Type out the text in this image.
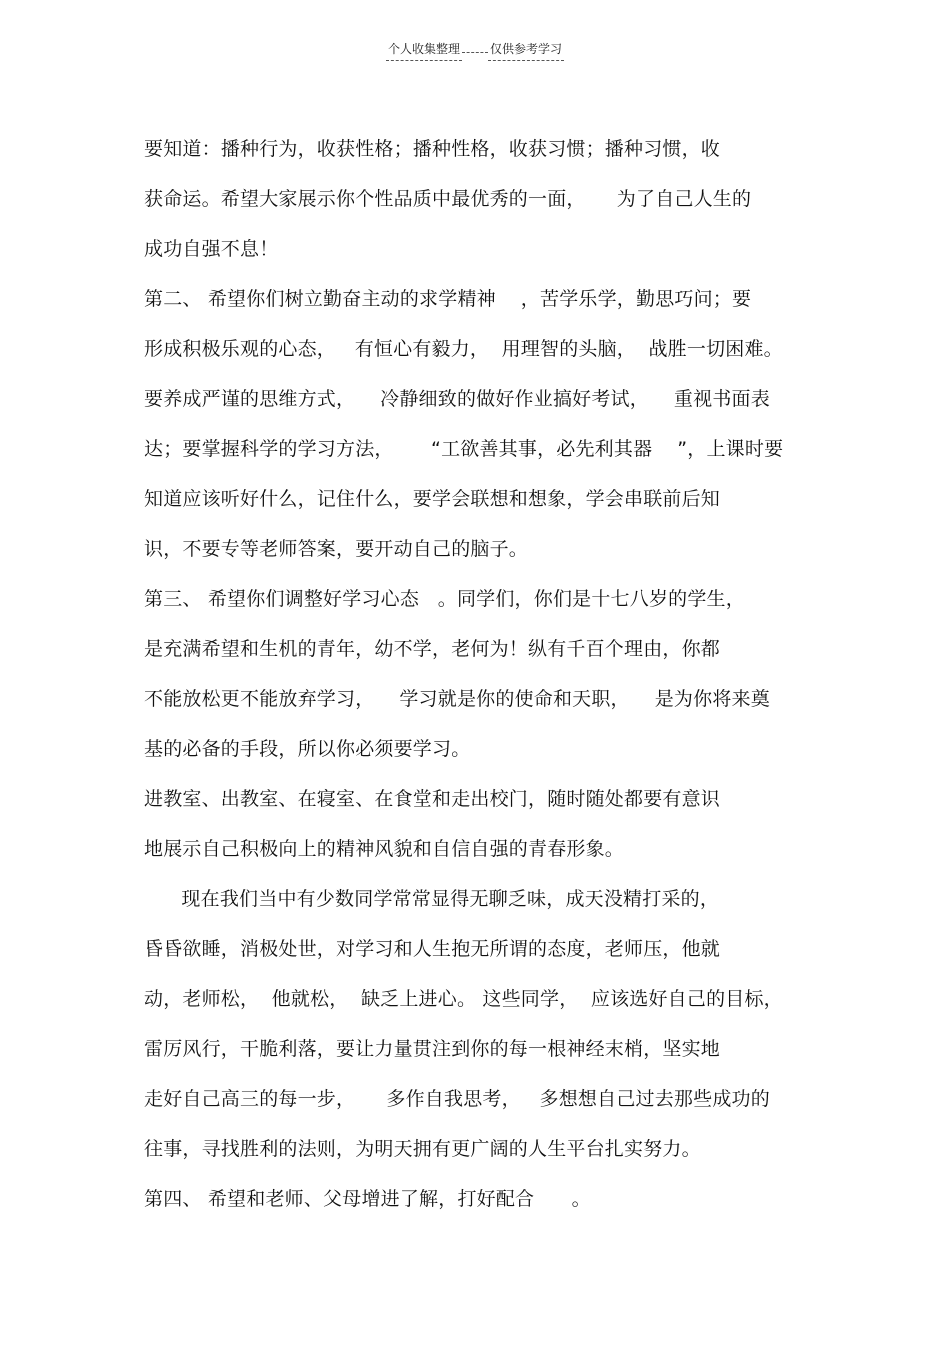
个人收集整理	仅供参考学习
要知道：播种行为，收获性格；播种性格，收获习惯；播种习惯，收
获命运。希望大家展示你个性品质中最优秀的一面，     为了自己人生的
成功自强不息！
第二、 希望你们树立勤奋主动的求学精神    ，苦学乐学，勤思巧问；要
形成积极乐观的心态，   有恒心有毅力，  用理智的头脑，  战胜一切困难。
要养成严谨的思维方式，    冷静细致的做好作业搞好考试，    重视书面表
达；要掌握科学的学习方法，      “工欲善其事，必先利其器    ”，上课时要
知道应该听好什么，记住什么，要学会联想和想象，学会串联前后知
识，不要专等老师答案，要开动自己的脑子。
第三、 希望你们调整好学习心态   。同学们，你们是十七八岁的学生，
是充满希望和生机的青年，幼不学，老何为！纵有千百个理由，你都
不能放松更不能放弃学习，    学习就是你的使命和天职，    是为你将来奠
基的必备的手段，所以你必须要学习。
进教室、出教室、在寝室、在食堂和走出校门，随时随处都要有意识
地展示自己积极向上的精神风貌和自信自强的青春形象。
现在我们当中有少数同学常常显得无聊乏味，成天没精打采的，
昏昏欲睡，消极处世，对学习和人生抱无所谓的态度，老师压，他就
动，老师松，  他就松，  缺乏上进心。 这些同学，  应该选好自己的目标，
雷厉风行，干脆利落，要让力量贯注到你的每一根神经末梢，坚实地
走好自己高三的每一步，     多作自我思考，   多想想自己过去那些成功的
往事，寻找胜利的法则，为明天拥有更广阔的人生平台扎实努力。
第四、 希望和老师、父母增进了解，打好配合      。
